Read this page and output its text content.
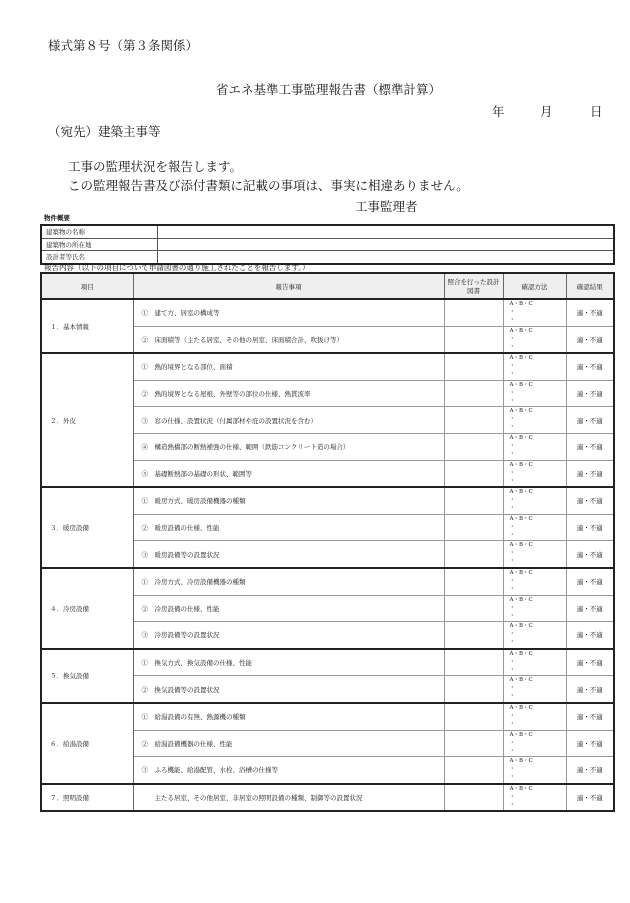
様式第８号（第３条関係）
省エネ基準工事監理報告書（標準計算）
年	月	日
（宛先）建築主事等
工事の監理状況を報告します。
この監理報告書及び添付書類に記載の事項は、事実に相違ありません。
工事監理者
物件概要
建築物の名称	
建築物の所在地	
設計者等氏名	
報告内容（以下の項目について申請図書の通り施工されたことを報告します。）
項目	報告事項	照合を行った設計図書	確認方法	確認結果
１．基本情報	①　建て方、居室の構成等		A・B・C
・
・	適・不適
	②　床面積等（主たる居室、その他の居室、床面積合計、吹抜け等）		A・B・C
・
・	適・不適
２．外皮	①　熱的境界となる部位、面積		A・B・C
・
・	適・不適
	②　熱的境界となる屋根、外壁等の部位の仕様、熱貫流率		A・B・C
・
・	適・不適
	③　窓の仕様、設置状況（付属部材や庇の設置状況を含む）		A・B・C
・
・	適・不適
	④　構造熱橋部の断熱補強の仕様、範囲（鉄筋コンクリート造の場合）		A・B・C
・
・	適・不適
	⑤　基礎断熱部の基礎の形状、範囲等		A・B・C
・
・	適・不適
３．暖房設備	①　暖房方式、暖房設備機器の種類		A・B・C
・
・	適・不適
	②　暖房設備の仕様、性能		A・B・C
・
・	適・不適
	③　暖房設備等の設置状況		A・B・C
・
・	適・不適
４．冷房設備	①　冷房方式、冷房設備機器の種類		A・B・C
・
・	適・不適
	②　冷房設備の仕様、性能		A・B・C
・
・	適・不適
	③　冷房設備等の設置状況		A・B・C
・
・	適・不適
５．換気設備	①　換気方式、換気設備の仕様、性能		A・B・C
・
・	適・不適
	②　換気設備等の設置状況		A・B・C
・
・	適・不適
６．給湯設備	①　給湯設備の有無、熱源機の種類		A・B・C
・
・	適・不適
	②　給湯設備機器の仕様、性能		A・B・C
・
・	適・不適
	③　ふろ機能、給湯配管、水栓、浴槽の仕様等		A・B・C
・
・	適・不適
７．照明設備	　　主たる居室、その他居室、非居室の照明設備の種類、制御等の設置状況		A・B・C
・
・	適・不適
